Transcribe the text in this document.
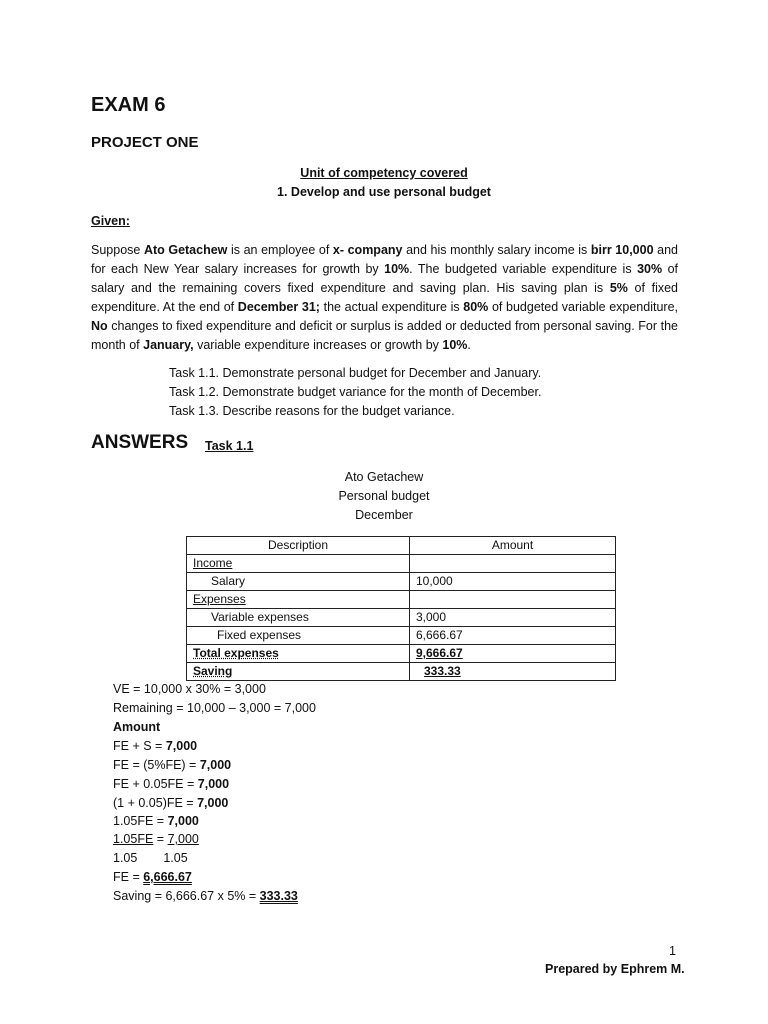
EXAM 6
PROJECT ONE
Unit of competency covered
1. Develop and use personal budget
Given:
Suppose Ato Getachew is an employee of x- company and his monthly salary income is birr 10,000 and for each New Year salary increases for growth by 10%. The budgeted variable expenditure is 30% of salary and the remaining covers fixed expenditure and saving plan. His saving plan is 5% of fixed expenditure. At the end of December 31; the actual expenditure is 80% of budgeted variable expenditure, No changes to fixed expenditure and deficit or surplus is added or deducted from personal saving. For the month of January, variable expenditure increases or growth by 10%.
Task 1.1. Demonstrate personal budget for December and January.
Task 1.2. Demonstrate budget variance for the month of December.
Task 1.3. Describe reasons for the budget variance.
ANSWERS Task 1.1
Ato Getachew
Personal budget
December
Description	Amount
Income	
Salary	10,000
Expenses	
Variable expenses	3,000
Fixed expenses	6,666.67
Total expenses	9,666.67
Saving	333.33
VE = 10,000 x 30% = 3,000
Remaining = 10,000 – 3,000 = 7,000
Amount
FE + S = 7,000
FE = (5%FE) = 7,000
FE + 0.05FE = 7,000
(1 + 0.05)FE = 7,000
1.05FE = 7,000
1.05FE = 7,000
1.05 1.05
FE = 6,666.67
Saving = 6,666.67 x 5% = 333.33
1
Prepared by Ephrem M.
